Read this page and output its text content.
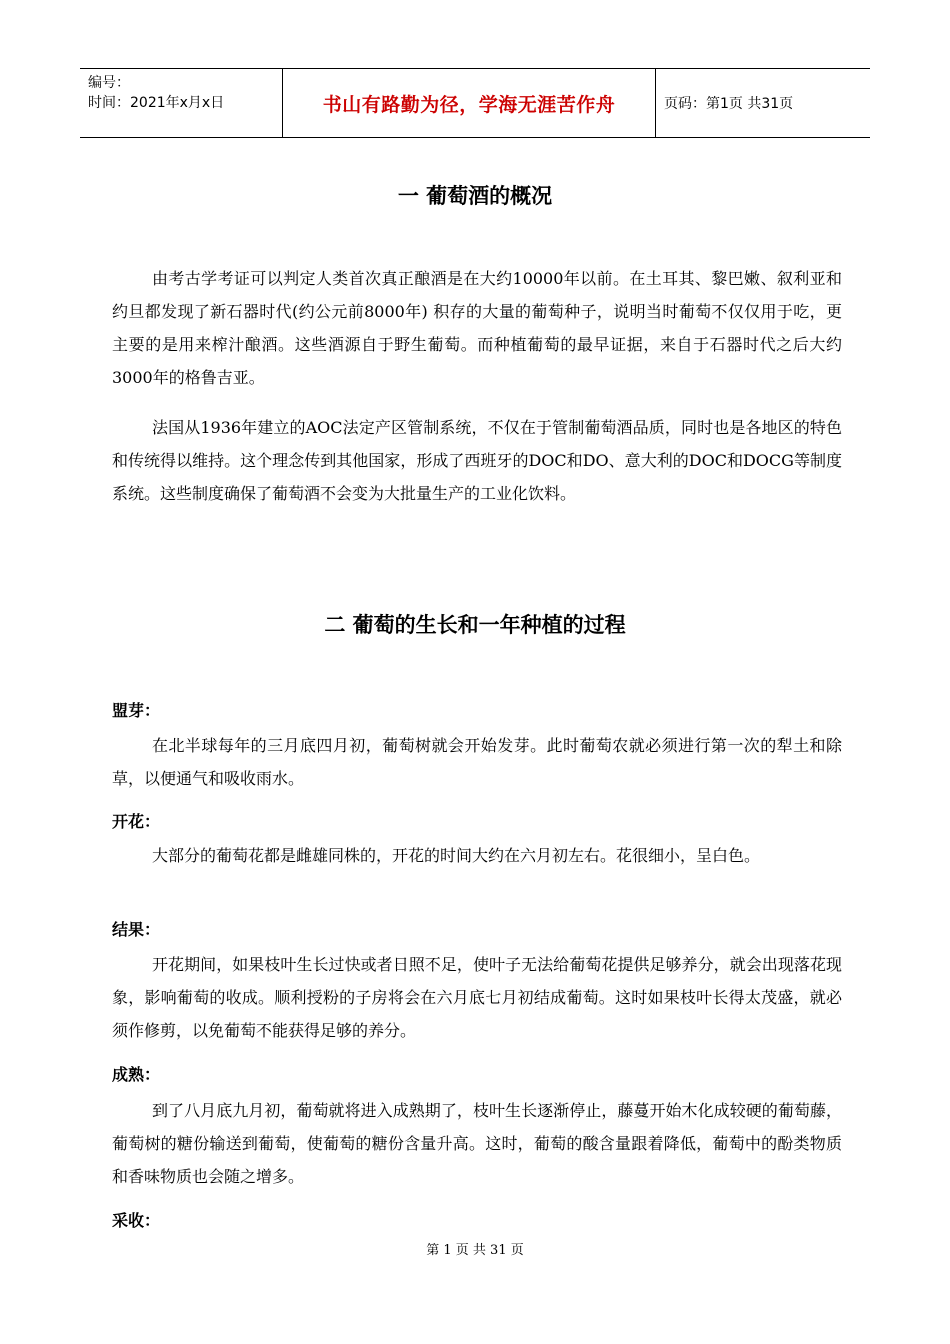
编号：
时间：2021年x月x日	书山有路勤为径，学海无涯苦作舟	页码：第1页 共31页
一 葡萄酒的概况

由考古学考证可以判定人类首次真正酿酒是在大约10000年以前。在土耳其、黎巴嫩、叙利亚和约旦都发现了新石器时代(约公元前8000年) 积存的大量的葡萄种子，说明当时葡萄不仅仅用于吃，更主要的是用来榨汁酿酒。这些酒源自于野生葡萄。而种植葡萄的最早证据，来自于石器时代之后大约3000年的格鲁吉亚。

法国从1936年建立的AOC法定产区管制系统，不仅在于管制葡萄酒品质，同时也是各地区的特色和传统得以维持。这个理念传到其他国家，形成了西班牙的DOC和DO、意大利的DOC和DOCG等制度系统。这些制度确保了葡萄酒不会变为大批量生产的工业化饮料。

二 葡萄的生长和一年种植的过程
盟芽：

在北半球每年的三月底四月初，葡萄树就会开始发芽。此时葡萄农就必须进行第一次的犁土和除草，以便通气和吸收雨水。

开花：

大部分的葡萄花都是雌雄同株的，开花的时间大约在六月初左右。花很细小，呈白色。

结果：

开花期间，如果枝叶生长过快或者日照不足，使叶子无法给葡萄花提供足够养分，就会出现落花现象，影响葡萄的收成。顺利授粉的子房将会在六月底七月初结成葡萄。这时如果枝叶长得太茂盛，就必须作修剪，以免葡萄不能获得足够的养分。

成熟：

到了八月底九月初，葡萄就将进入成熟期了，枝叶生长逐渐停止，藤蔓开始木化成较硬的葡萄藤，葡萄树的糖份输送到葡萄，使葡萄的糖份含量升高。这时，葡萄的酸含量跟着降低，葡萄中的酚类物质和香味物质也会随之增多。

采收：
第 1 页 共 31 页
